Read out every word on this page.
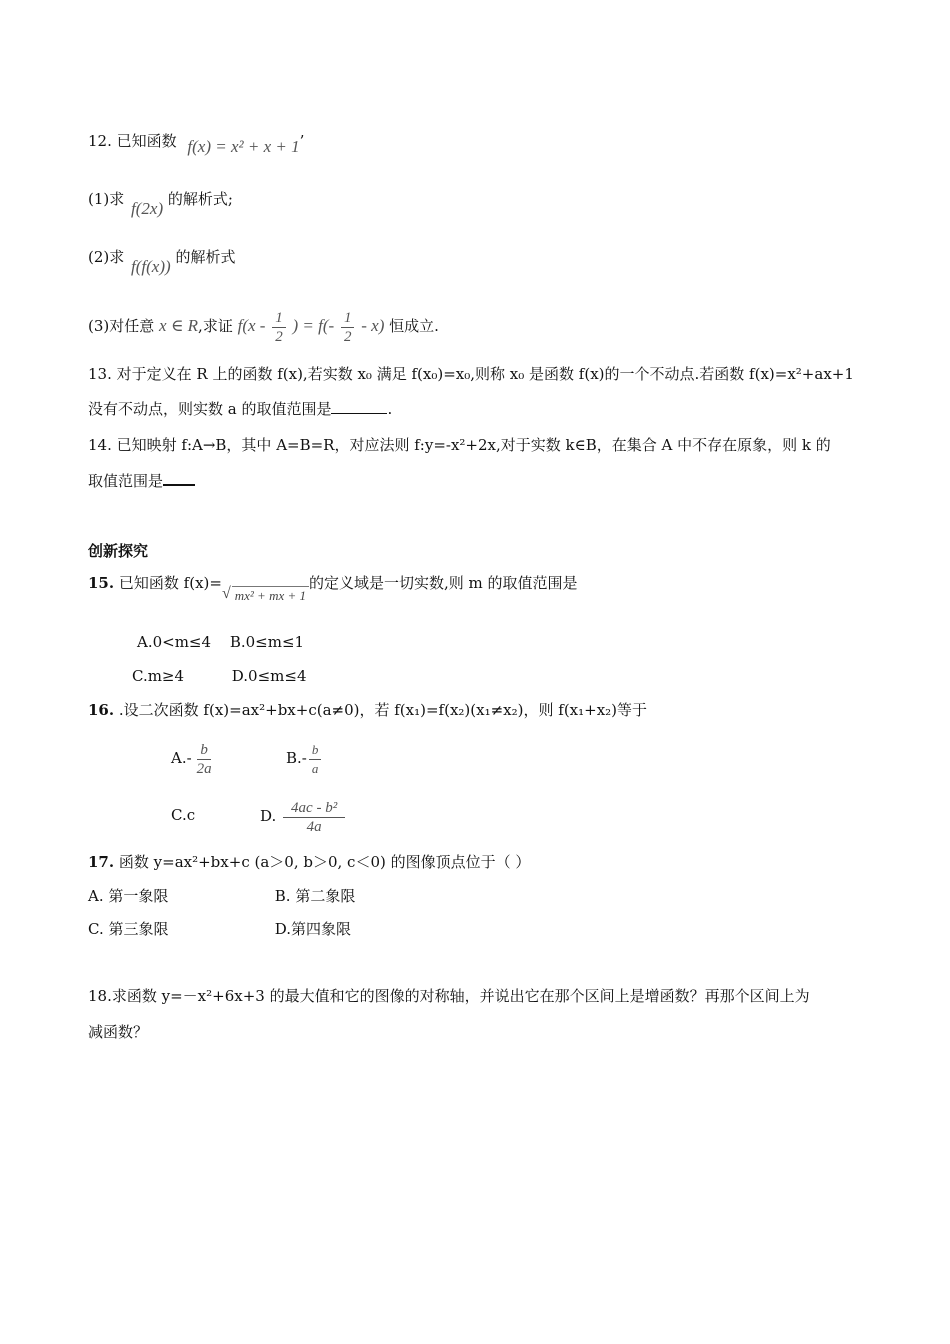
12. 已知函数 f(x) = x² + x + 1’
(1)求 f(2x) 的解析式;
(2)求 f(f(x)) 的解析式
(3)对任意 x ∈ R,求证 $f(x - \frac{1}{2}$ ) = $f(- \frac{1}{2} - x)$ 恒成立.
13. 对于定义在 R 上的函数 f(x),若实数 x₀ 满足 f(x₀)=x₀,则称 x₀ 是函数 f(x)的一个不动点.若函数 f(x)=x²+ax+1
没有不动点，则实数 a 的取值范围是	.
14. 已知映射 f:A→B，其中 A=B=R，对应法则 f:y=-x²+2x,对于实数 k∈B，在集合 A 中不存在原象，则 k 的
取值范围是
创新探究
15. 已知函数 f(x)=
√ mx² + mx + 1
的定义域是一切实数,则 m 的取值范围是
A.0<m≤4 B.0≤m≤1
C.m≥4	D.0≤m≤4
16. .设二次函数 f(x)=ax²+bx+c(a≠0)，若 f(x₁)=f(x₂)(x₁≠x₂)，则 f(x₁+x₂)等于
$A.- \frac{b}{2a}$	$B.- \frac{b}{a}$
C.c	D. $\frac{\text{4ac - b²}}{4a}$
17. 函数 y=ax²+bx+c (a＞0, b＞0, c＜0) 的图像顶点位于（ ）
A. 第一象限	B. 第二象限
C. 第三象限	D.第四象限
18.求函数 y=－x²+6x+3 的最大值和它的图像的对称轴，并说出它在那个区间上是增函数？再那个区间上为
减函数？
